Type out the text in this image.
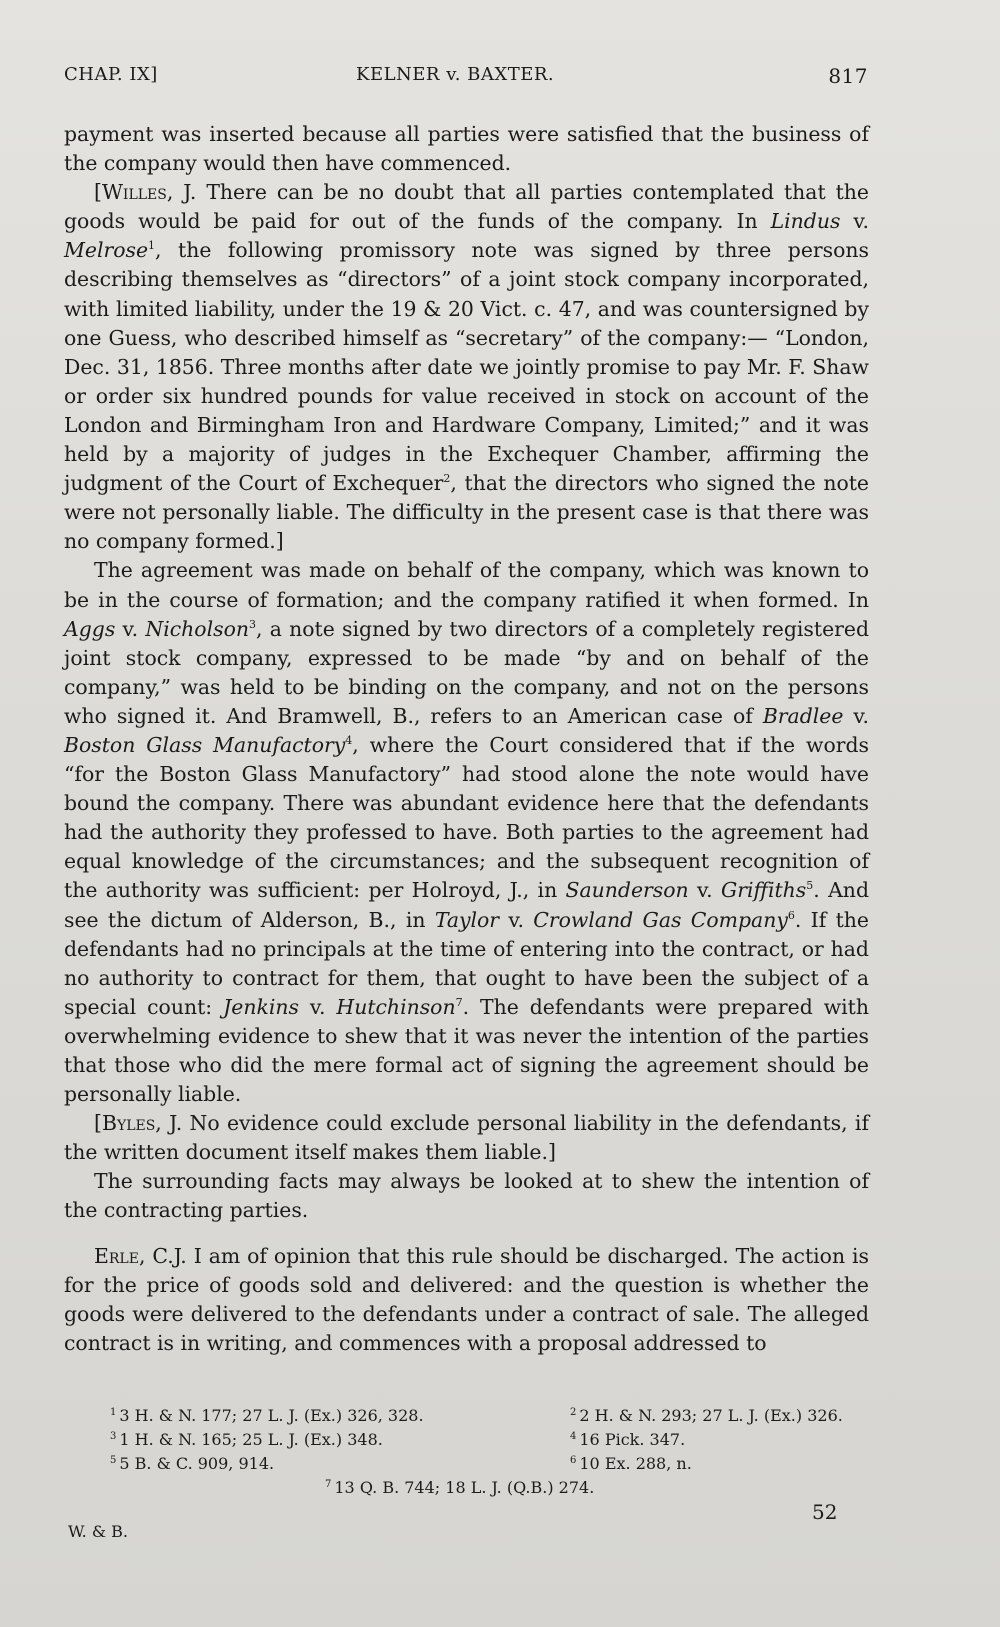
CHAP. IX]	KELNER v. BAXTER.	817

payment was inserted because all parties were satisfied that the business of the company would then have commenced.

[Willes, J. There can be no doubt that all parties contemplated that the goods would be paid for out of the funds of the company. In Lindus v. Melrose$^1$, the following promissory note was signed by three persons describing themselves as “directors” of a joint stock company incorporated, with limited liability, under the 19 & 20 Vict. c. 47, and was countersigned by one Guess, who described himself as “secretary” of the company:— “London, Dec. 31, 1856. Three months after date we jointly promise to pay Mr. F. Shaw or order six hundred pounds for value received in stock on account of the London and Birmingham Iron and Hardware Company, Limited;” and it was held by a majority of judges in the Exchequer Chamber, affirming the judgment of the Court of Exchequer$^2$, that the directors who signed the note were not personally liable. The difficulty in the present case is that there was no company formed.]

The agreement was made on behalf of the company, which was known to be in the course of formation; and the company ratified it when formed. In Aggs v. Nicholson$^3$, a note signed by two directors of a completely registered joint stock company, expressed to be made “by and on behalf of the company,” was held to be binding on the company, and not on the persons who signed it. And Bramwell, B., refers to an American case of Bradlee v. Boston Glass Manufactory$^4$, where the Court considered that if the words “for the Boston Glass Manufactory” had stood alone the note would have bound the company. There was abundant evidence here that the defendants had the authority they professed to have. Both parties to the agreement had equal knowledge of the circumstances; and the subsequent recognition of the authority was sufficient: per Holroyd, J., in Saunderson v. Griffiths$^5$. And see the dictum of Alderson, B., in Taylor v. Crowland Gas Company$^6$. If the defendants had no principals at the time of entering into the contract, or had no authority to contract for them, that ought to have been the subject of a special count: Jenkins v. Hutchinson$^7$. The defendants were prepared with overwhelming evidence to shew that it was never the intention of the parties that those who did the mere formal act of signing the agreement should be personally liable.

[Byles, J. No evidence could exclude personal liability in the defendants, if the written document itself makes them liable.]

The surrounding facts may always be looked at to shew the intention of the contracting parties.

Erle, C.J. I am of opinion that this rule should be discharged. The action is for the price of goods sold and delivered: and the question is whether the goods were delivered to the defendants under a contract of sale. The alleged contract is in writing, and commences with a proposal addressed to

$^1$ 3 H. & N. 177; 27 L. J. (Ex.) 326, 328.	$^2$ 2 H. & N. 293; 27 L. J. (Ex.) 326.
$^3$ 1 H. & N. 165; 25 L. J. (Ex.) 348.	$^4$ 16 Pick. 347.
$^5$ 5 B. & C. 909, 914.	$^6$ 10 Ex. 288, n.
$^7$ 13 Q. B. 744; 18 L. J. (Q.B.) 274.
52
W. & B.
